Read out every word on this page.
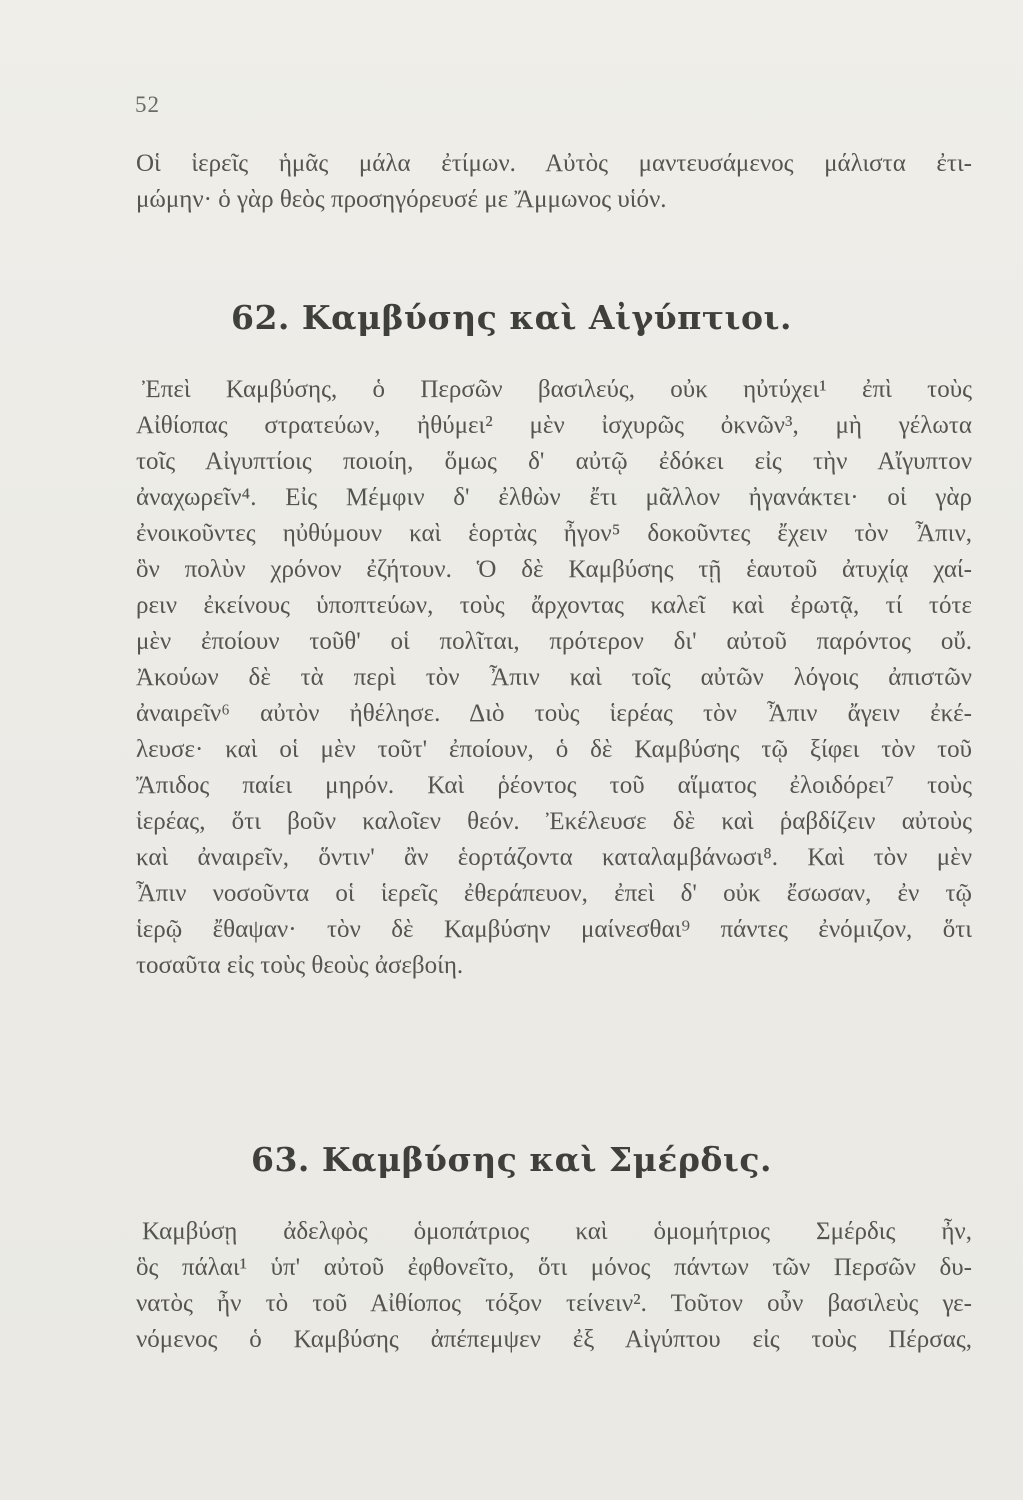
52
Οἱ ἱερεῖς ἡμᾶς μάλα ἐτίμων. Αὐτὸς μαντευσάμενος μάλιστα ἐτι-
μώμην· ὁ γὰρ θεὸς προσηγόρευσέ με Ἄμμωνος υἱόν.
62. Καμβύσης καὶ Αἰγύπτιοι.
Ἐπεὶ Καμβύσης, ὁ Περσῶν βασιλεύς, οὐκ ηὐτύχει¹ ἐπὶ τοὺς
Αἰθίοπας στρατεύων, ἠθύμει² μὲν ἰσχυρῶς ὀκνῶν³, μὴ γέλωτα
τοῖς Αἰγυπτίοις ποιοίη, ὅμως δ' αὐτῷ ἐδόκει εἰς τὴν Αἴγυπτον
ἀναχωρεῖν⁴. Εἰς Μέμφιν δ' ἐλθὼν ἔτι μᾶλλον ἠγανάκτει· οἱ γὰρ
ἐνοικοῦντες ηὐθύμουν καὶ ἑορτὰς ἦγον⁵ δοκοῦντες ἔχειν τὸν Ἆπιν,
ὃν πολὺν χρόνον ἐζήτουν. Ὁ δὲ Καμβύσης τῇ ἑαυτοῦ ἀτυχίᾳ χαί-
ρειν ἐκείνους ὑποπτεύων, τοὺς ἄρχοντας καλεῖ καὶ ἐρωτᾷ, τί τότε
μὲν ἐποίουν τοῦθ' οἱ πολῖται, πρότερον δι' αὐτοῦ παρόντος οὔ.
Ἀκούων δὲ τὰ περὶ τὸν Ἆπιν καὶ τοῖς αὐτῶν λόγοις ἀπιστῶν
ἀναιρεῖν⁶ αὐτὸν ἠθέλησε. Διὸ τοὺς ἱερέας τὸν Ἆπιν ἄγειν ἐκέ-
λευσε· καὶ οἱ μὲν τοῦτ' ἐποίουν, ὁ δὲ Καμβύσης τῷ ξίφει τὸν τοῦ
Ἄπιδος παίει μηρόν. Καὶ ῥέοντος τοῦ αἵματος ἐλοιδόρει⁷ τοὺς
ἱερέας, ὅτι βοῦν καλοῖεν θεόν. Ἐκέλευσε δὲ καὶ ῥαβδίζειν αὐτοὺς
καὶ ἀναιρεῖν, ὅντιν' ἂν ἑορτάζοντα καταλαμβάνωσι⁸. Καὶ τὸν μὲν
Ἆπιν νοσοῦντα οἱ ἱερεῖς ἐθεράπευον, ἐπεὶ δ' οὐκ ἔσωσαν, ἐν τῷ
ἱερῷ ἔθαψαν· τὸν δὲ Καμβύσην μαίνεσθαι⁹ πάντες ἐνόμιζον, ὅτι
τοσαῦτα εἰς τοὺς θεοὺς ἀσεβοίη.
63. Καμβύσης καὶ Σμέρδις.
Καμβύσῃ ἀδελφὸς ὁμοπάτριος καὶ ὁμομήτριος Σμέρδις ἦν,
ὃς πάλαι¹ ὑπ' αὐτοῦ ἐφθονεῖτο, ὅτι μόνος πάντων τῶν Περσῶν δυ-
νατὸς ἦν τὸ τοῦ Αἰθίοπος τόξον τείνειν². Τοῦτον οὖν βασιλεὺς γε-
νόμενος ὁ Καμβύσης ἀπέπεμψεν ἐξ Αἰγύπτου εἰς τοὺς Πέρσας,
